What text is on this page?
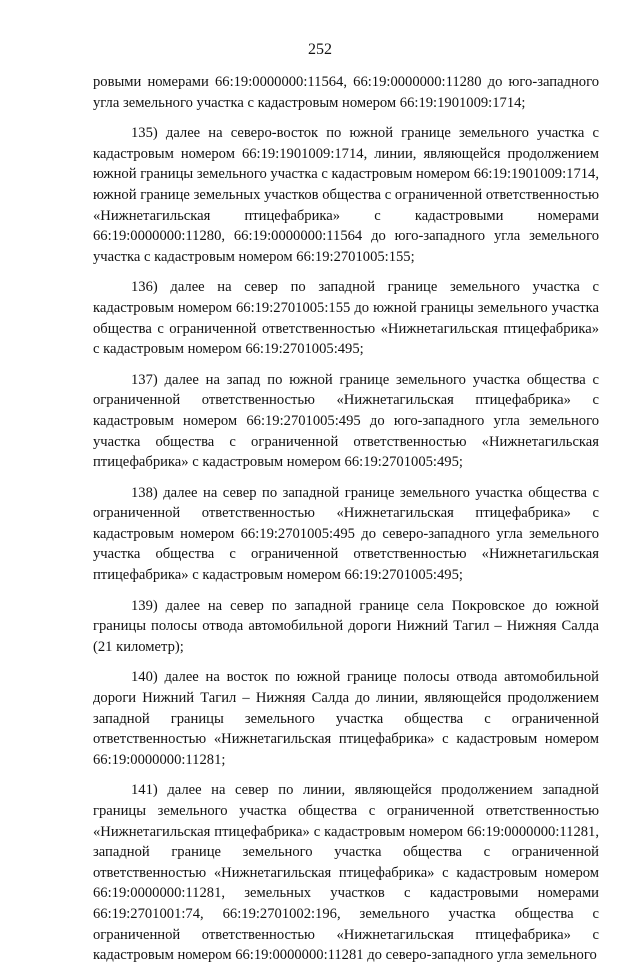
252

ровыми номерами 66:19:0000000:11564, 66:19:0000000:11280 до юго-западного угла земельного участка с кадастровым номером 66:19:1901009:1714;

135) далее на северо-восток по южной границе земельного участка с кадастровым номером 66:19:1901009:1714, линии, являющейся продолжением южной границы земельного участка с кадастровым номером 66:19:1901009:1714, южной границе земельных участков общества с ограниченной ответственностью «Нижнетагильская птицефабрика» с кадастровыми номерами 66:19:0000000:11280, 66:19:0000000:11564 до юго-западного угла земельного участка с кадастровым номером 66:19:2701005:155;

136) далее на север по западной границе земельного участка с кадастровым номером 66:19:2701005:155 до южной границы земельного участка общества с ограниченной ответственностью «Нижнетагильская птицефабрика» с кадастровым номером 66:19:2701005:495;

137) далее на запад по южной границе земельного участка общества с ограниченной ответственностью «Нижнетагильская птицефабрика» с кадастровым номером 66:19:2701005:495 до юго-западного угла земельного участка общества с ограниченной ответственностью «Нижнетагильская птицефабрика» с кадастровым номером 66:19:2701005:495;

138) далее на север по западной границе земельного участка общества с ограниченной ответственностью «Нижнетагильская птицефабрика» с кадастровым номером 66:19:2701005:495 до северо-западного угла земельного участка общества с ограниченной ответственностью «Нижнетагильская птицефабрика» с кадастровым номером 66:19:2701005:495;

139) далее на север по западной границе села Покровское до южной границы полосы отвода автомобильной дороги Нижний Тагил – Нижняя Салда (21 километр);

140) далее на восток по южной границе полосы отвода автомобильной дороги Нижний Тагил – Нижняя Салда до линии, являющейся продолжением западной границы земельного участка общества с ограниченной ответственностью «Нижнетагильская птицефабрика» с кадастровым номером 66:19:0000000:11281;

141) далее на север по линии, являющейся продолжением западной границы земельного участка общества с ограниченной ответственностью «Нижнетагильская птицефабрика» с кадастровым номером 66:19:0000000:11281, западной границе земельного участка общества с ограниченной ответственностью «Нижнетагильская птицефабрика» с кадастровым номером 66:19:0000000:11281, земельных участков с кадастровыми номерами 66:19:2701001:74, 66:19:2701002:196, земельного участка общества с ограниченной ответственностью «Нижнетагильская птицефабрика» с кадастровым номером 66:19:0000000:11281 до северо-западного угла земельного
